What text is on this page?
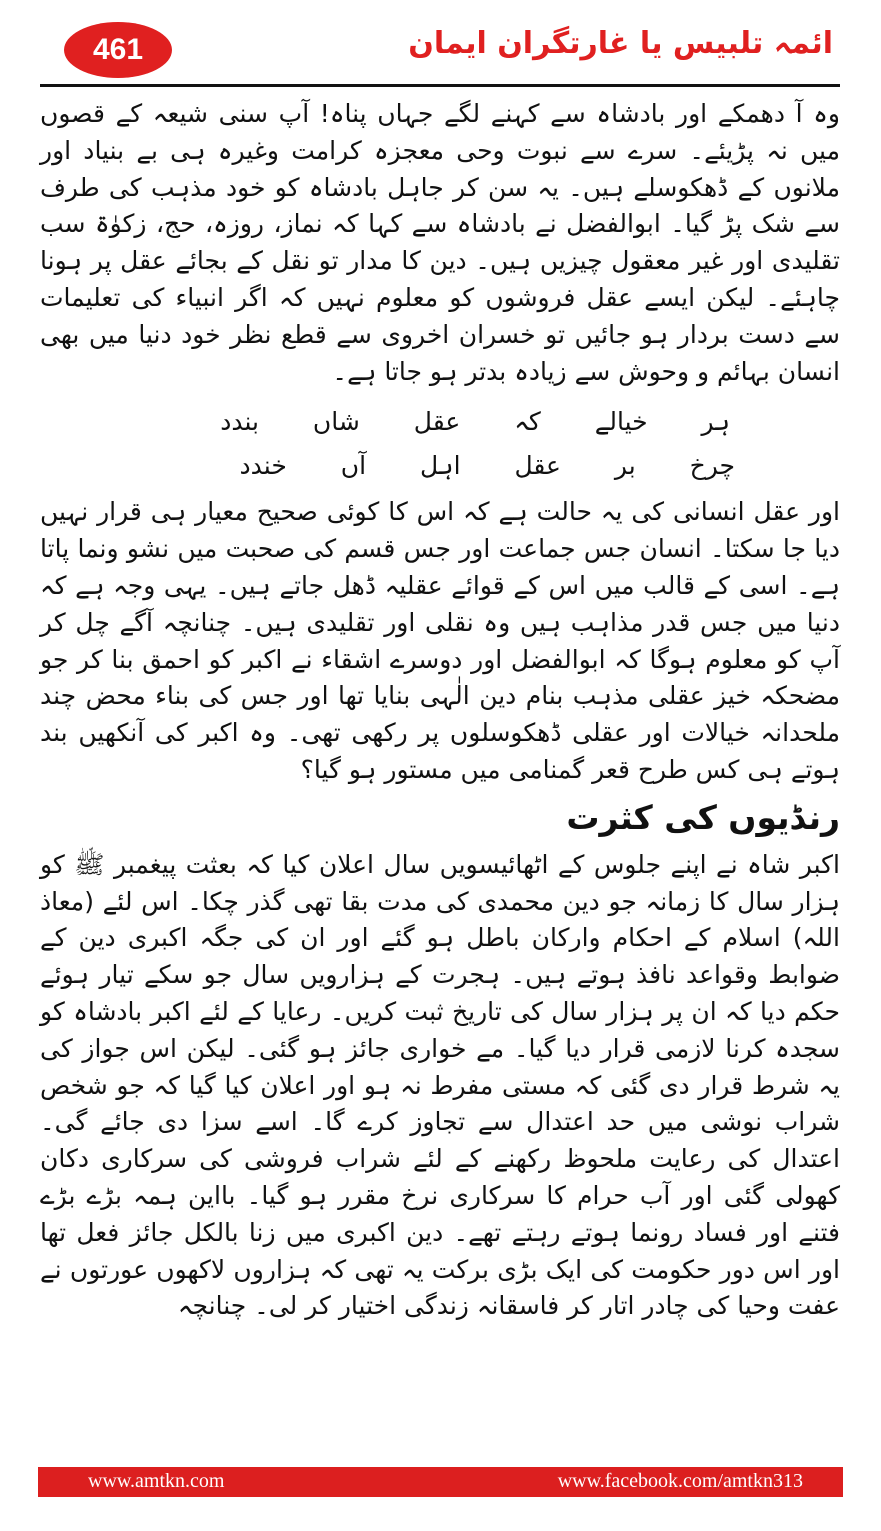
461	ائمہ تلبیس یا غارتگران ایمان

وہ آ دھمکے اور بادشاہ سے کہنے لگے جہاں پناہ! آپ سنی شیعہ کے قصوں میں نہ پڑیئے۔ سرے سے نبوت وحی معجزہ کرامت وغیرہ ہی بے بنیاد اور ملانوں کے ڈھکوسلے ہیں۔ یہ سن کر جاہل بادشاہ کو خود مذہب کی طرف سے شک پڑ گیا۔ ابوالفضل نے بادشاہ سے کہا کہ نماز، روزہ، حج، زکوٰۃ سب تقلیدی اور غیر معقول چیزیں ہیں۔ دین کا مدار تو نقل کے بجائے عقل پر ہونا چاہئے۔ لیکن ایسے عقل فروشوں کو معلوم نہیں کہ اگر انبیاء کی تعلیمات سے دست بردار ہو جائیں تو خسران اخروی سے قطع نظر خود دنیا میں بھی انسان بہائم و وحوش سے زیادہ بدتر ہو جاتا ہے۔

ہر خیالے کہ عقل شاں بندد
چرخ بر عقل اہل آں خندد

اور عقل انسانی کی یہ حالت ہے کہ اس کا کوئی صحیح معیار ہی قرار نہیں دیا جا سکتا۔ انسان جس جماعت اور جس قسم کی صحبت میں نشو ونما پاتا ہے۔ اسی کے قالب میں اس کے قوائے عقلیہ ڈھل جاتے ہیں۔ یہی وجہ ہے کہ دنیا میں جس قدر مذاہب ہیں وہ نقلی اور تقلیدی ہیں۔ چنانچہ آگے چل کر آپ کو معلوم ہوگا کہ ابوالفضل اور دوسرے اشقاء نے اکبر کو احمق بنا کر جو مضحکہ خیز عقلی مذہب بنام دین الٰہی بنایا تھا اور جس کی بناء محض چند ملحدانہ خیالات اور عقلی ڈھکوسلوں پر رکھی تھی۔ وہ اکبر کی آنکھیں بند ہوتے ہی کس طرح قعر گمنامی میں مستور ہو گیا؟

رنڈیوں کی کثرت

اکبر شاہ نے اپنے جلوس کے اٹھائیسویں سال اعلان کیا کہ بعثت پیغمبر ﷺ کو ہزار سال کا زمانہ جو دین محمدی کی مدت بقا تھی گذر چکا۔ اس لئے (معاذ اللہ) اسلام کے احکام وارکان باطل ہو گئے اور ان کی جگہ اکبری دین کے ضوابط وقواعد نافذ ہوتے ہیں۔ ہجرت کے ہزارویں سال جو سکے تیار ہوئے حکم دیا کہ ان پر ہزار سال کی تاریخ ثبت کریں۔ رعایا کے لئے اکبر بادشاہ کو سجدہ کرنا لازمی قرار دیا گیا۔ مے خواری جائز ہو گئی۔ لیکن اس جواز کی یہ شرط قرار دی گئی کہ مستی مفرط نہ ہو اور اعلان کیا گیا کہ جو شخص شراب نوشی میں حد اعتدال سے تجاوز کرے گا۔ اسے سزا دی جائے گی۔ اعتدال کی رعایت ملحوظ رکھنے کے لئے شراب فروشی کی سرکاری دکان کھولی گئی اور آب حرام کا سرکاری نرخ مقرر ہو گیا۔ بااین ہمہ بڑے بڑے فتنے اور فساد رونما ہوتے رہتے تھے۔ دین اکبری میں زنا بالکل جائز فعل تھا اور اس دور حکومت کی ایک بڑی برکت یہ تھی کہ ہزاروں لاکھوں عورتوں نے عفت وحیا کی چادر اتار کر فاسقانہ زندگی اختیار کر لی۔ چنانچہ

www.amtkn.com	www.facebook.com/amtkn313
